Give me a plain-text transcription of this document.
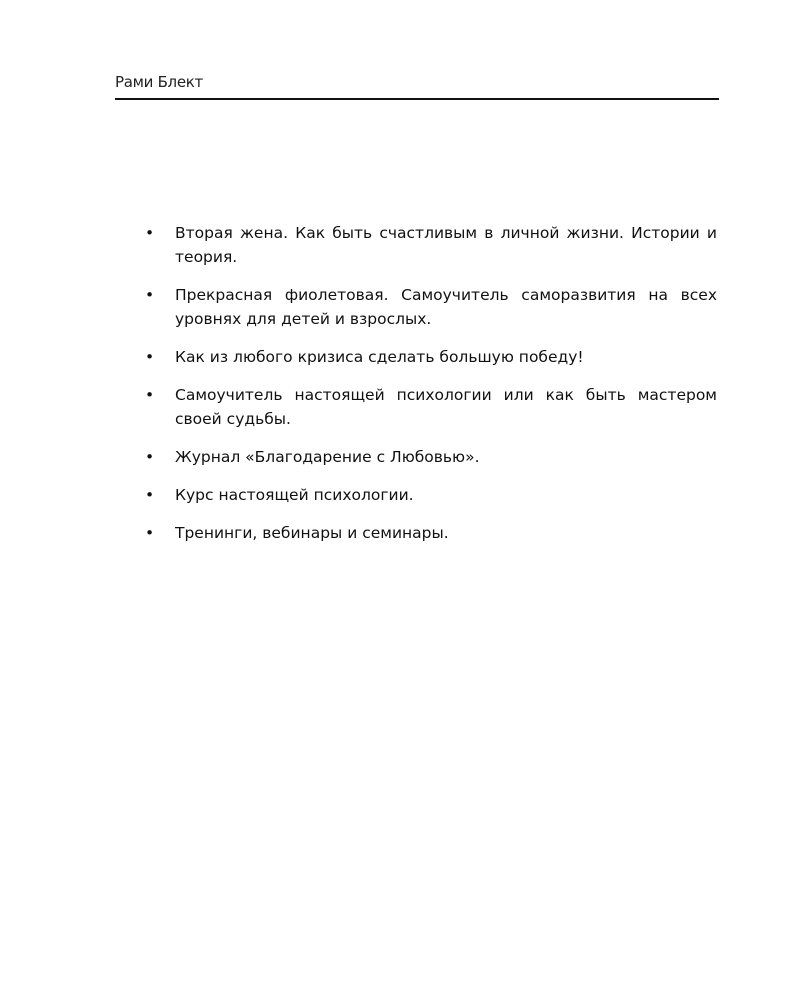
Рами Блект
• Вторая жена. Как быть счастливым в личной жизни. Истории и теория.
• Прекрасная фиолетовая. Самоучитель саморазвития на всех уровнях для детей и взрослых.
• Как из любого кризиса сделать большую победу!
• Самоучитель настоящей психологии или как быть мастером своей судьбы.
• Журнал «Благодарение с Любовью».
• Курс настоящей психологии.
• Тренинги, вебинары и семинары.
